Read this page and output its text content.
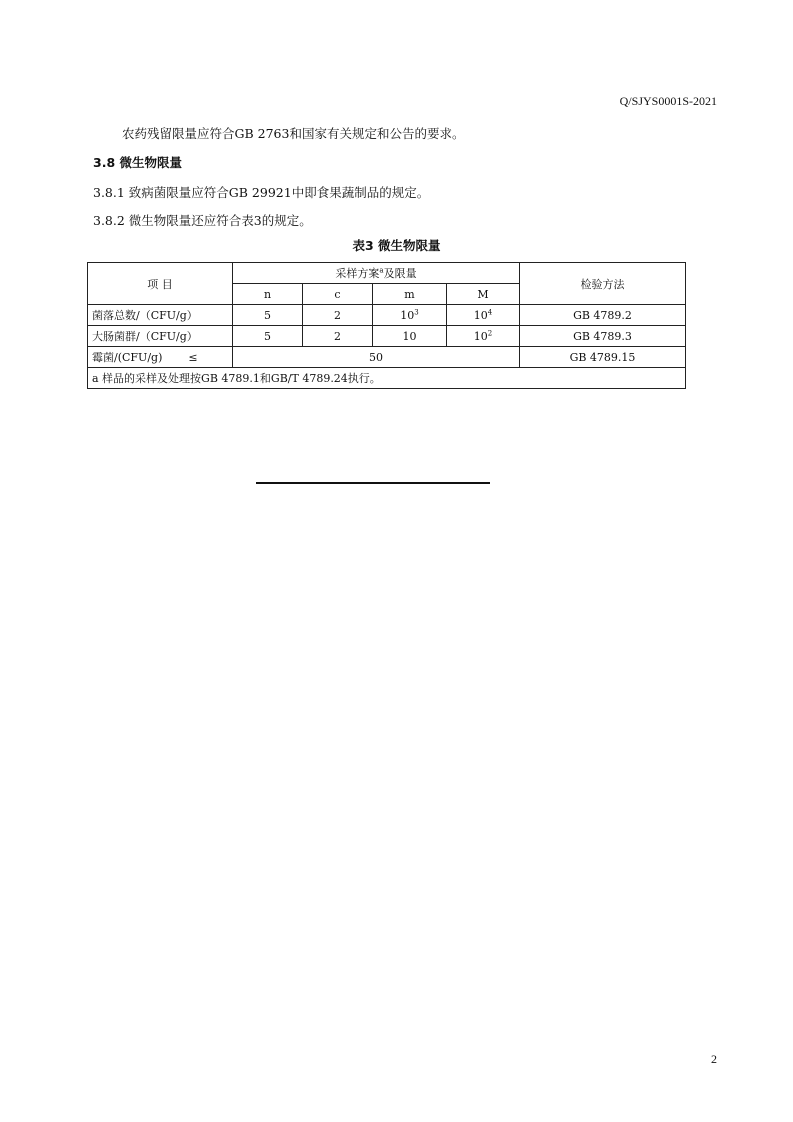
Q/SJYS0001S-2021
农药残留限量应符合GB 2763和国家有关规定和公告的要求。
3.8 微生物限量
3.8.1 致病菌限量应符合GB 29921中即食果蔬制品的规定。
3.8.2 微生物限量还应符合表3的规定。
表3 微生物限量
项 目	采样方案$^a$及限量				检验方法
	n	c	m	M	
菌落总数/（CFU/g）	5	2	$10^3$	$10^4$	GB 4789.2
大肠菌群/（CFU/g）	5	2	10	$10^2$	GB 4789.3
霉菌/(CFU/g) ≤	50				GB 4789.15
a 样品的采样及处理按GB 4789.1和GB/T 4789.24执行。					
2
